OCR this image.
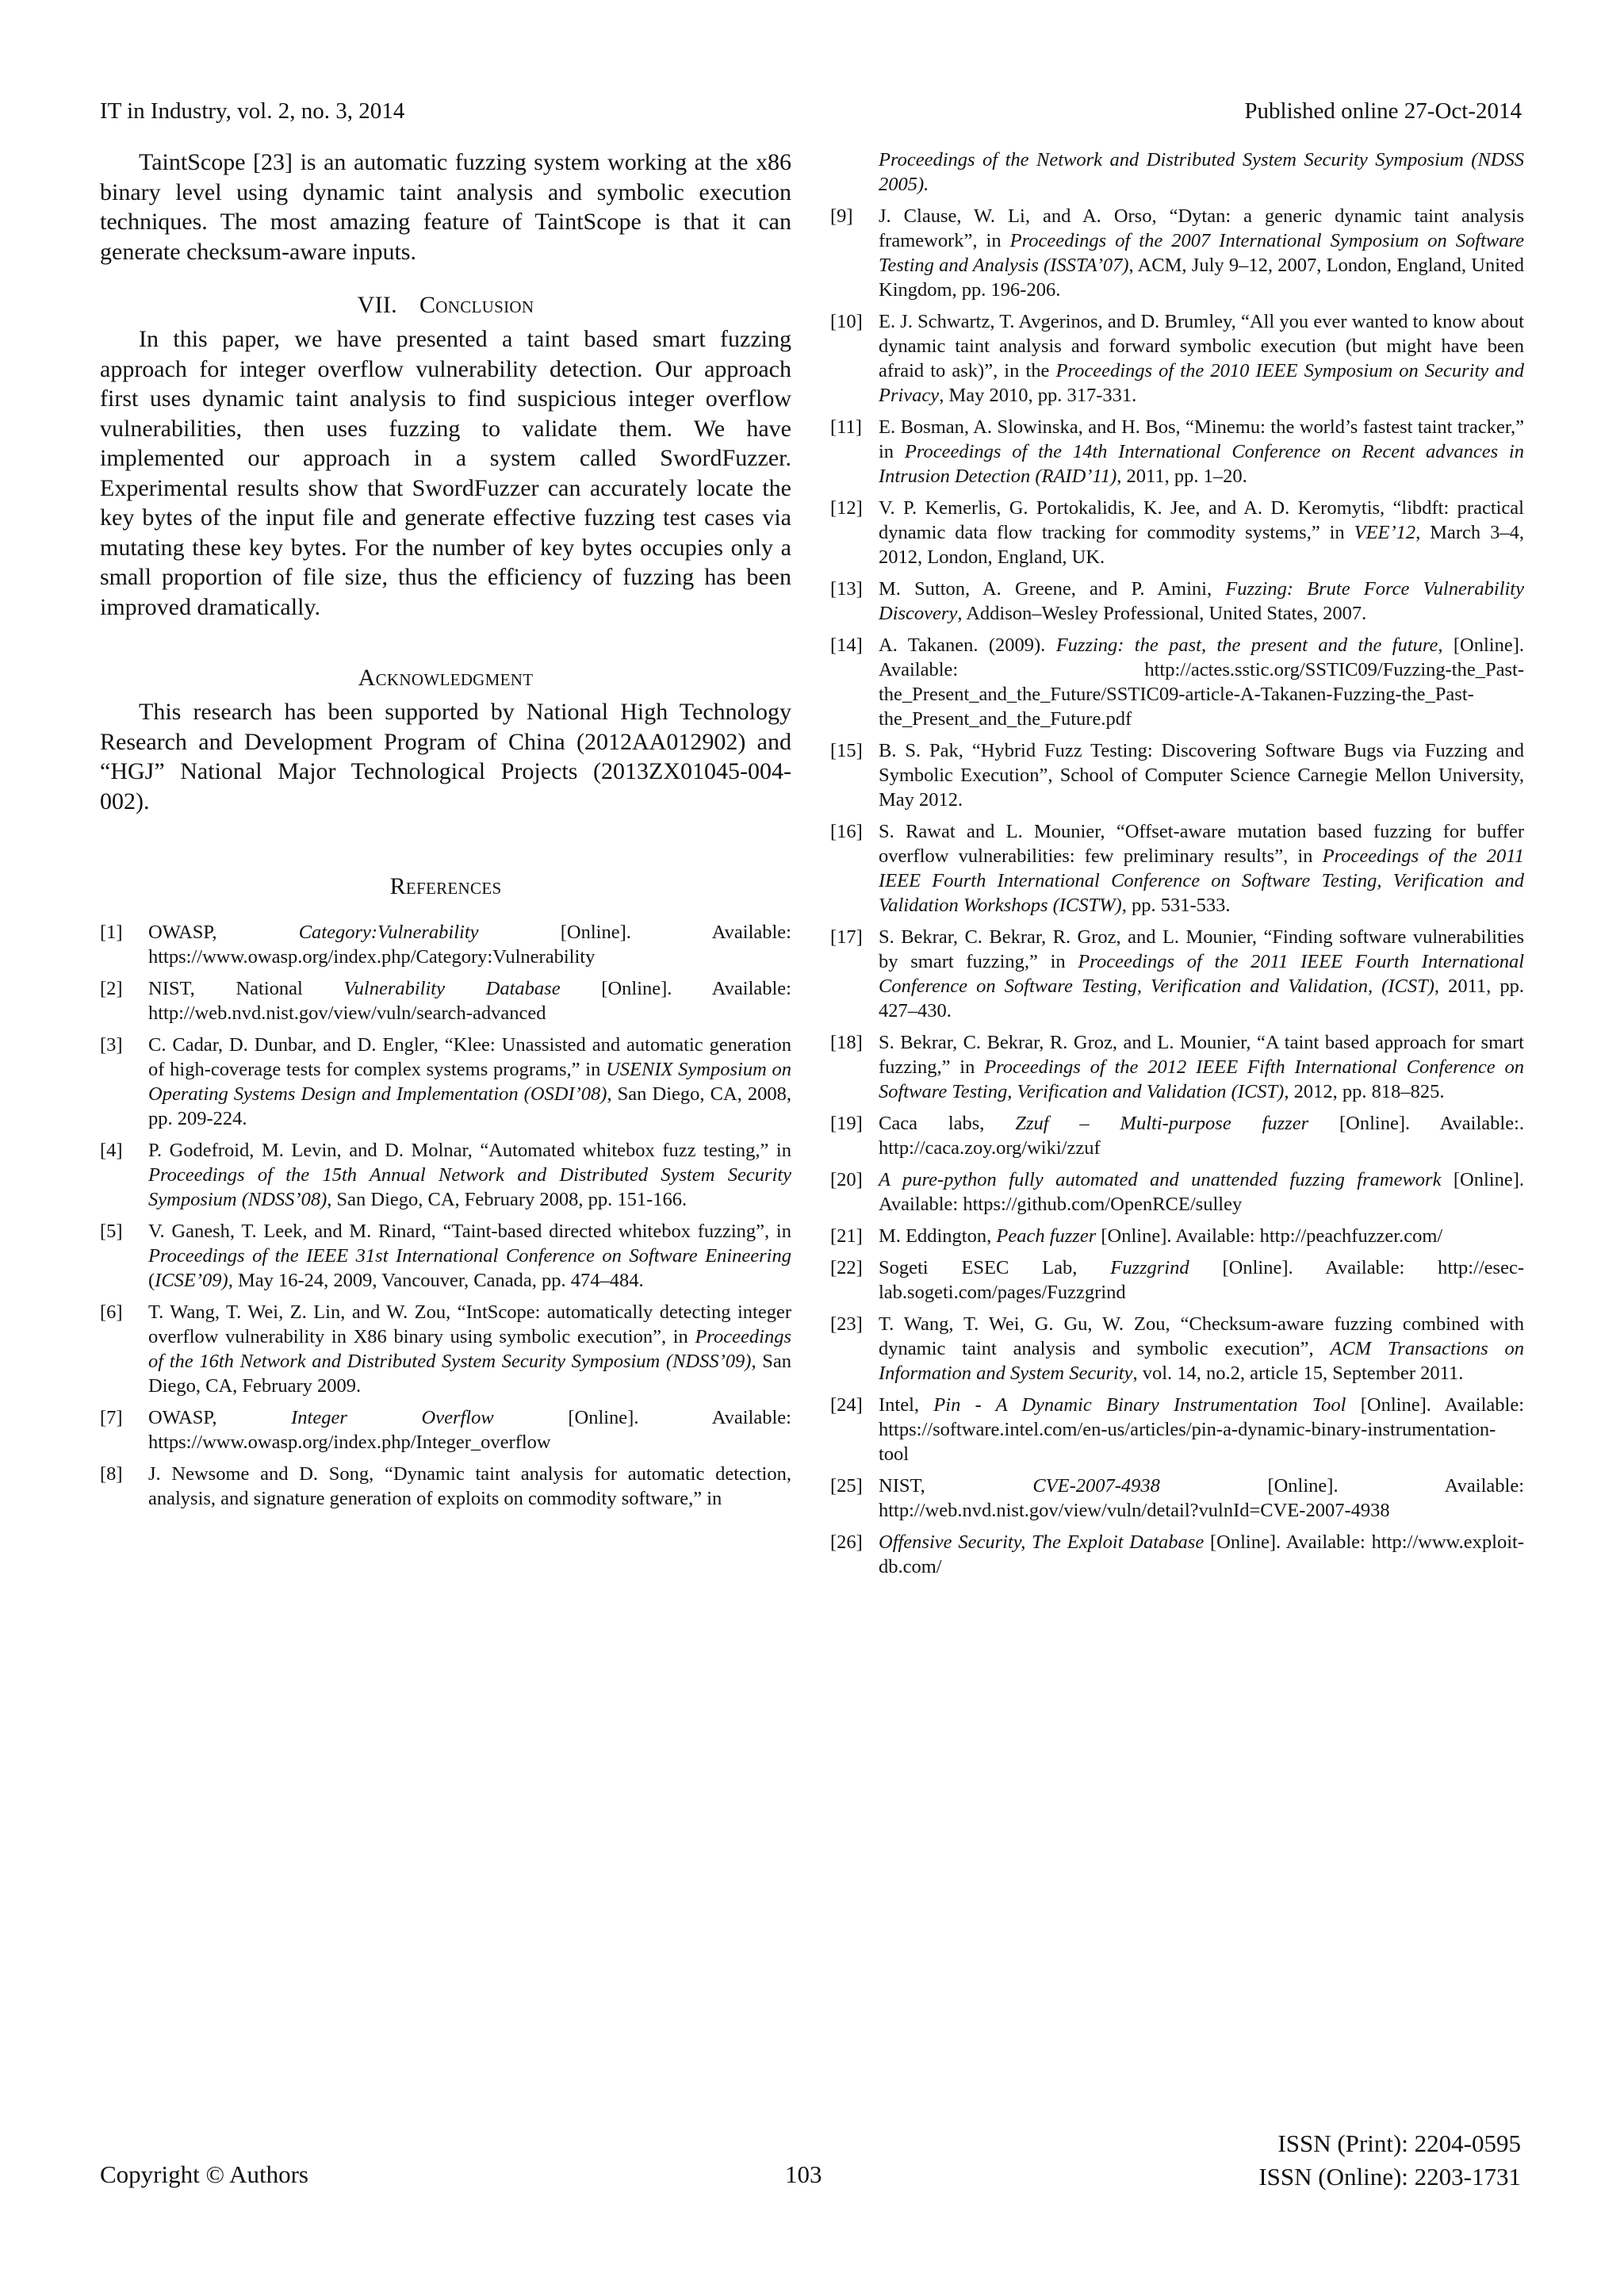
IT in Industry, vol. 2, no. 3, 2014	Published online 27-Oct-2014

TaintScope [23] is an automatic fuzzing system working at the x86 binary level using dynamic taint analysis and symbolic execution techniques. The most amazing feature of TaintScope is that it can generate checksum-aware inputs.

VII. Conclusion

In this paper, we have presented a taint based smart fuzzing approach for integer overflow vulnerability detection. Our approach first uses dynamic taint analysis to find suspicious integer overflow vulnerabilities, then uses fuzzing to validate them. We have implemented our approach in a system called SwordFuzzer. Experimental results show that SwordFuzzer can accurately locate the key bytes of the input file and generate effective fuzzing test cases via mutating these key bytes. For the number of key bytes occupies only a small proportion of file size, thus the efficiency of fuzzing has been improved dramatically.

Acknowledgment

This research has been supported by National High Technology Research and Development Program of China (2012AA012902) and “HGJ” National Major Technological Projects (2013ZX01045-004-002).

References

[1] OWASP, Category:Vulnerability [Online]. Available: https://www.owasp.org/index.php/Category:Vulnerability

[2] NIST, National Vulnerability Database [Online]. Available: http://web.nvd.nist.gov/view/vuln/search-advanced

[3] C. Cadar, D. Dunbar, and D. Engler, “Klee: Unassisted and automatic generation of high-coverage tests for complex systems programs,” in USENIX Symposium on Operating Systems Design and Implementation (OSDI’08), San Diego, CA, 2008, pp. 209-224.

[4] P. Godefroid, M. Levin, and D. Molnar, “Automated whitebox fuzz testing,” in Proceedings of the 15th Annual Network and Distributed System Security Symposium (NDSS’08), San Diego, CA, February 2008, pp. 151-166.

[5] V. Ganesh, T. Leek, and M. Rinard, “Taint-based directed whitebox fuzzing”, in Proceedings of the IEEE 31st International Conference on Software Enineering (ICSE’09), May 16-24, 2009, Vancouver, Canada, pp. 474–484.

[6] T. Wang, T. Wei, Z. Lin, and W. Zou, “IntScope: automatically detecting integer overflow vulnerability in X86 binary using symbolic execution”, in Proceedings of the 16th Network and Distributed System Security Symposium (NDSS’09), San Diego, CA, February 2009.

[7] OWASP, Integer Overflow [Online]. Available: https://www.owasp.org/index.php/Integer_overflow

[8] J. Newsome and D. Song, “Dynamic taint analysis for automatic detection, analysis, and signature generation of exploits on commodity software,” in

Proceedings of the Network and Distributed System Security Symposium (NDSS 2005).

[9] J. Clause, W. Li, and A. Orso, “Dytan: a generic dynamic taint analysis framework”, in Proceedings of the 2007 International Symposium on Software Testing and Analysis (ISSTA’07), ACM, July 9–12, 2007, London, England, United Kingdom, pp. 196-206.

[10] E. J. Schwartz, T. Avgerinos, and D. Brumley, “All you ever wanted to know about dynamic taint analysis and forward symbolic execution (but might have been afraid to ask)”, in the Proceedings of the 2010 IEEE Symposium on Security and Privacy, May 2010, pp. 317-331.

[11] E. Bosman, A. Slowinska, and H. Bos, “Minemu: the world’s fastest taint tracker,” in Proceedings of the 14th International Conference on Recent advances in Intrusion Detection (RAID’11), 2011, pp. 1–20.

[12] V. P. Kemerlis, G. Portokalidis, K. Jee, and A. D. Keromytis, “libdft: practical dynamic data flow tracking for commodity systems,” in VEE’12, March 3–4, 2012, London, England, UK.

[13] M. Sutton, A. Greene, and P. Amini, Fuzzing: Brute Force Vulnerability Discovery, Addison–Wesley Professional, United States, 2007.

[14] A. Takanen. (2009). Fuzzing: the past, the present and the future, [Online]. Available: http://actes.sstic.org/SSTIC09/Fuzzing-the_Past-the_Present_and_the_Future/SSTIC09-article-A-Takanen-Fuzzing-the_Past-the_Present_and_the_Future.pdf

[15] B. S. Pak, “Hybrid Fuzz Testing: Discovering Software Bugs via Fuzzing and Symbolic Execution”, School of Computer Science Carnegie Mellon University, May 2012.

[16] S. Rawat and L. Mounier, “Offset-aware mutation based fuzzing for buffer overflow vulnerabilities: few preliminary results”, in Proceedings of the 2011 IEEE Fourth International Conference on Software Testing, Verification and Validation Workshops (ICSTW), pp. 531-533.

[17] S. Bekrar, C. Bekrar, R. Groz, and L. Mounier, “Finding software vulnerabilities by smart fuzzing,” in Proceedings of the 2011 IEEE Fourth International Conference on Software Testing, Verification and Validation, (ICST), 2011, pp. 427–430.

[18] S. Bekrar, C. Bekrar, R. Groz, and L. Mounier, “A taint based approach for smart fuzzing,” in Proceedings of the 2012 IEEE Fifth International Conference on Software Testing, Verification and Validation (ICST), 2012, pp. 818–825.

[19] Caca labs, Zzuf – Multi-purpose fuzzer [Online]. Available:. http://caca.zoy.org/wiki/zzuf

[20] A pure-python fully automated and unattended fuzzing framework [Online]. Available: https://github.com/OpenRCE/sulley

[21] M. Eddington, Peach fuzzer [Online]. Available: http://peachfuzzer.com/

[22] Sogeti ESEC Lab, Fuzzgrind [Online]. Available: http://esec-lab.sogeti.com/pages/Fuzzgrind

[23] T. Wang, T. Wei, G. Gu, W. Zou, “Checksum-aware fuzzing combined with dynamic taint analysis and symbolic execution”, ACM Transactions on Information and System Security, vol. 14, no.2, article 15, September 2011.

[24] Intel, Pin - A Dynamic Binary Instrumentation Tool [Online]. Available: https://software.intel.com/en-us/articles/pin-a-dynamic-binary-instrumentation-tool

[25] NIST, CVE-2007-4938 [Online]. Available: http://web.nvd.nist.gov/view/vuln/detail?vulnId=CVE-2007-4938

[26] Offensive Security, The Exploit Database [Online]. Available: http://www.exploit-db.com/

Copyright © Authors	103
ISSN (Print): 2204-0595
ISSN (Online): 2203-1731
